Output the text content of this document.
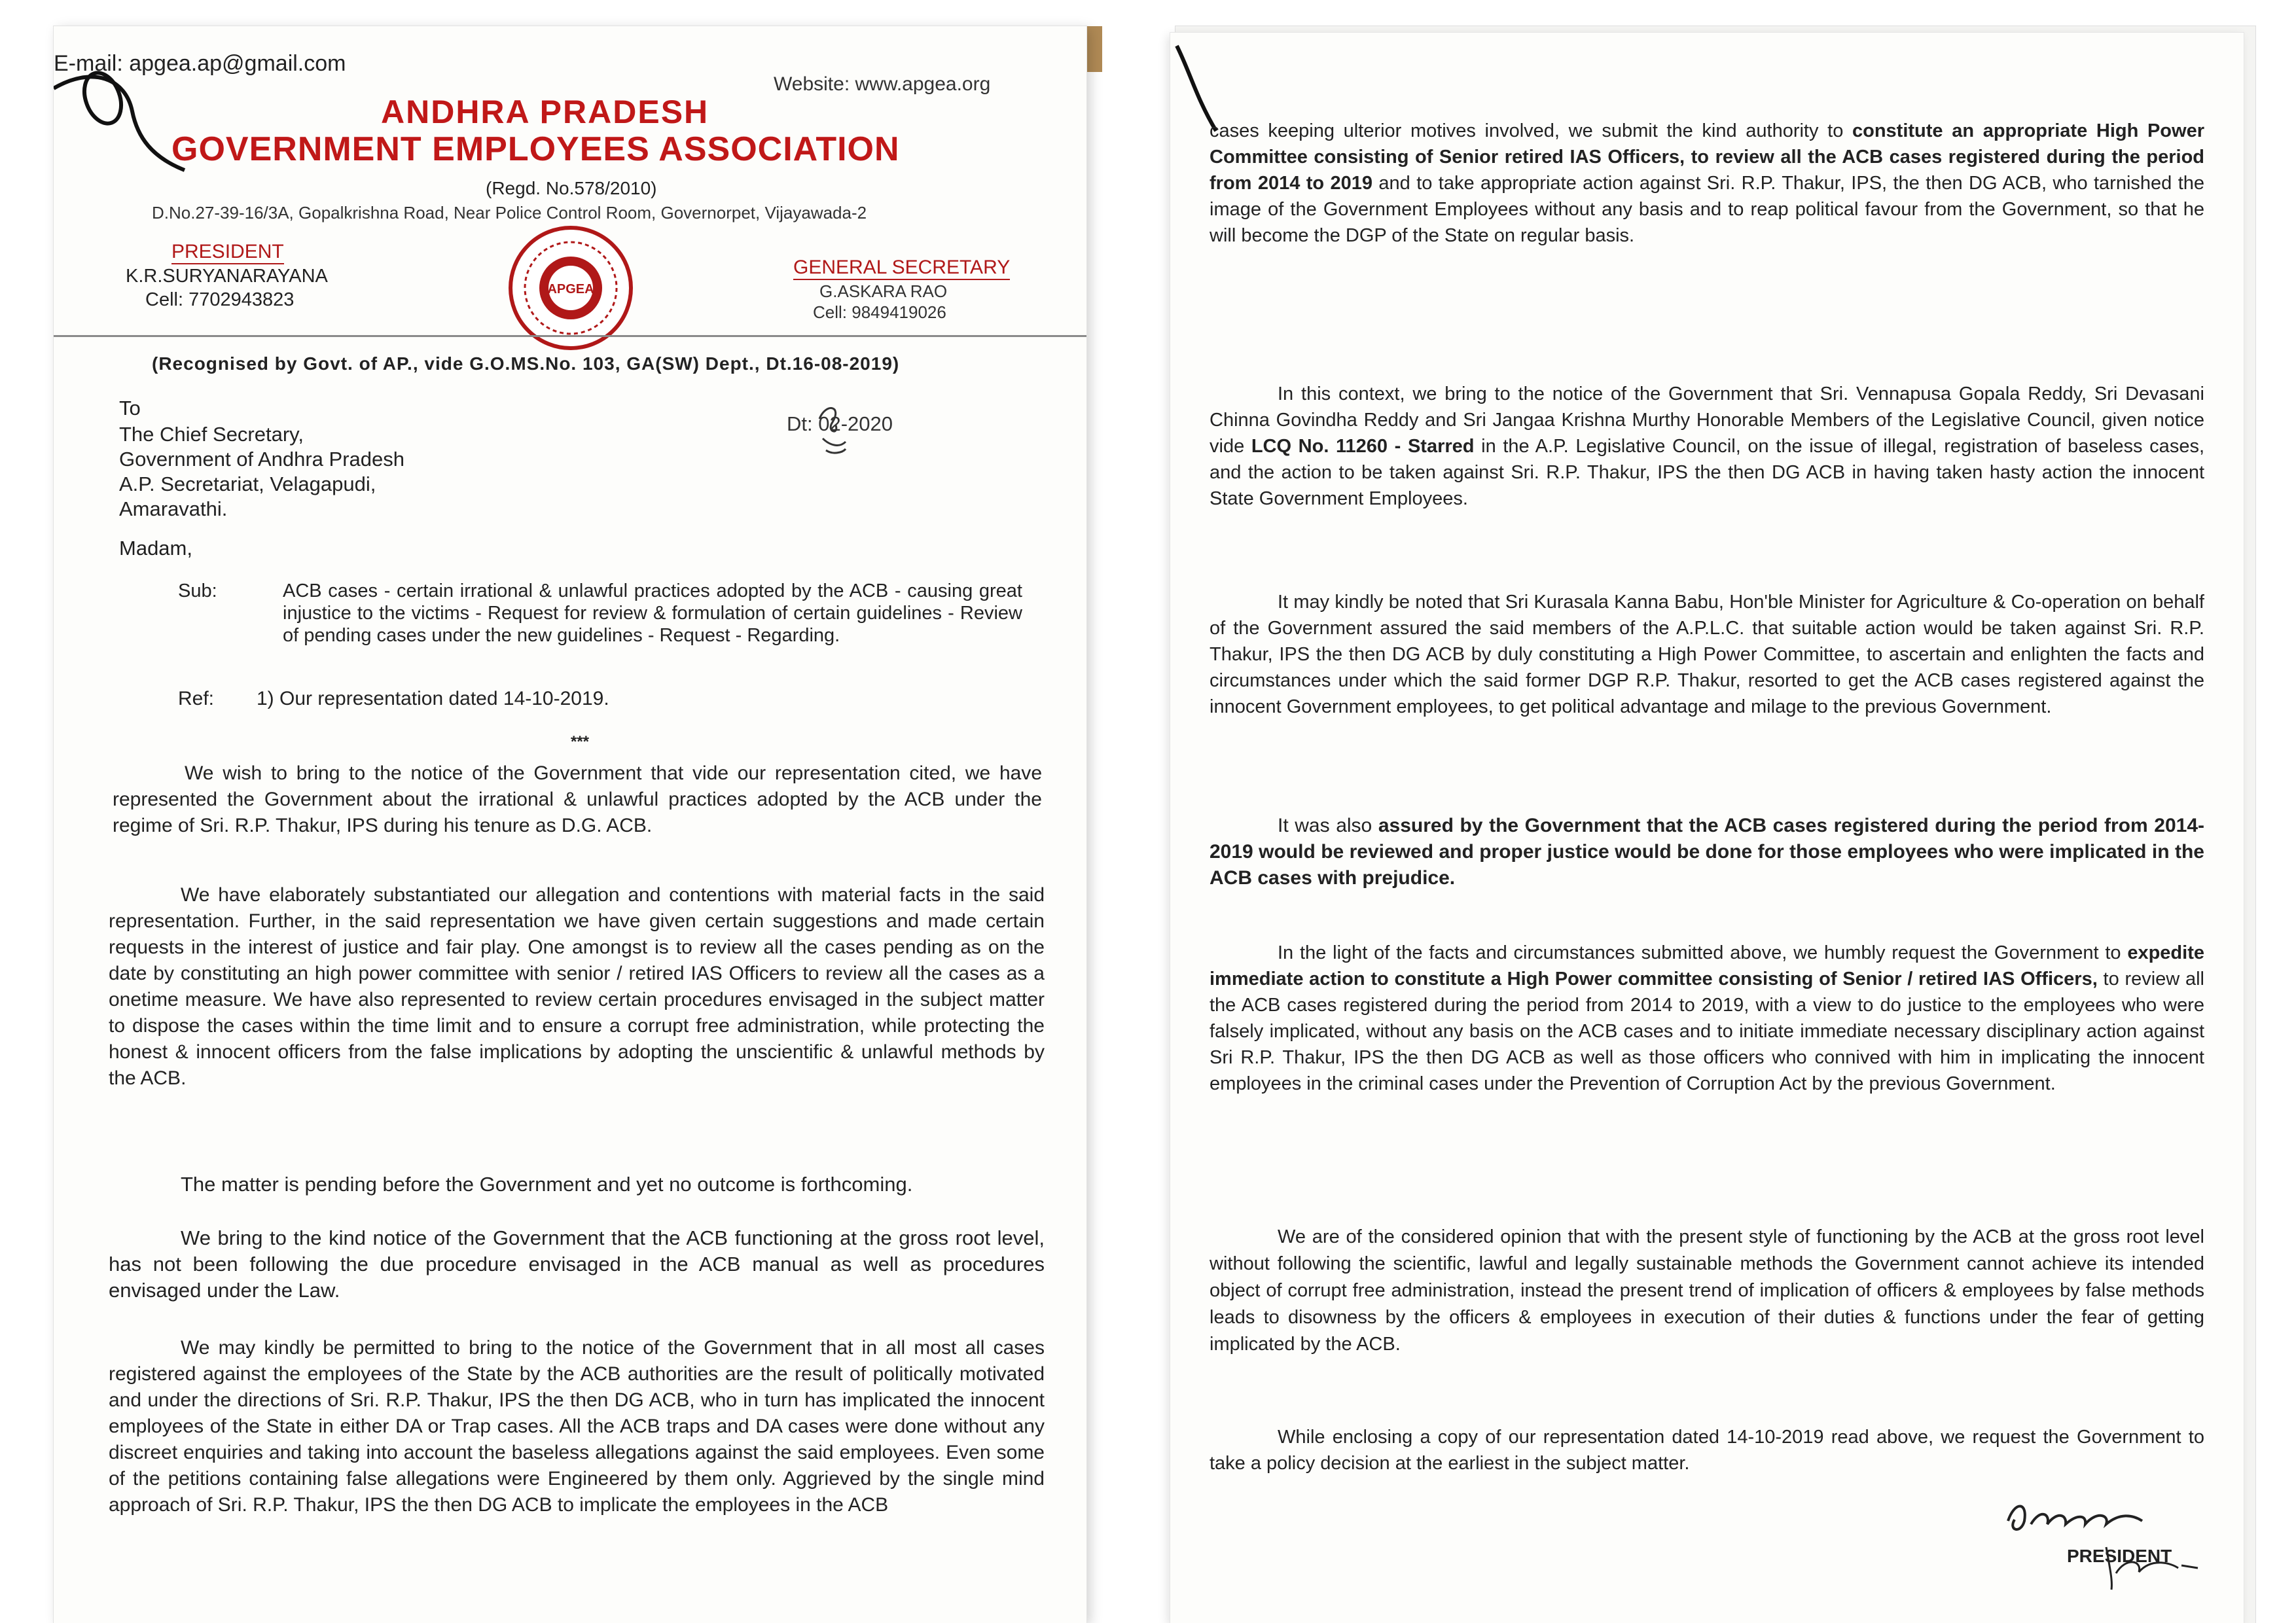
E-mail: apgea.ap@gmail.com
Website: www.apgea.org
ANDHRA PRADESH
GOVERNMENT EMPLOYEES ASSOCIATION
(Regd. No.578/2010)
D.No.27-39-16/3A, Gopalkrishna Road, Near Police Control Room, Governorpet, Vijayawada-2
PRESIDENT
K.R.SURYANARAYANA
Cell: 7702943823	APGEA
GENERAL SECRETARY
G.ASKARA RAO
Cell: 9849419026
(Recognised by Govt. of AP., vide G.O.MS.No. 103, GA(SW) Dept., Dt.16-08-2019)
To
The Chief Secretary,
Government of Andhra Pradesh
A.P. Secretariat, Velagapudi,
Amaravathi.
Dt: 02-2020
Madam,
Sub:	ACB cases - certain irrational & unlawful practices adopted by the ACB - causing great injustice to the victims - Request for review & formulation of certain guidelines - Review of pending cases under the new guidelines - Request - Regarding.
Ref: 1) Our representation dated 14-10-2019.
***
We wish to bring to the notice of the Government that vide our representation cited, we have represented the Government about the irrational & unlawful practices adopted by the ACB under the regime of Sri. R.P. Thakur, IPS during his tenure as D.G. ACB.
We have elaborately substantiated our allegation and contentions with material facts in the said representation. Further, in the said representation we have given certain suggestions and made certain requests in the interest of justice and fair play. One amongst is to review all the cases pending as on the date by constituting an high power committee with senior / retired IAS Officers to review all the cases as a onetime measure. We have also represented to review certain procedures envisaged in the subject matter to dispose the cases within the time limit and to ensure a corrupt free administration, while protecting the honest & innocent officers from the false implications by adopting the unscientific & unlawful methods by the ACB.
The matter is pending before the Government and yet no outcome is forthcoming.
We bring to the kind notice of the Government that the ACB functioning at the gross root level, has not been following the due procedure envisaged in the ACB manual as well as procedures envisaged under the Law.
We may kindly be permitted to bring to the notice of the Government that in all most all cases registered against the employees of the State by the ACB authorities are the result of politically motivated and under the directions of Sri. R.P. Thakur, IPS the then DG ACB, who in turn has implicated the innocent employees of the State in either DA or Trap cases. All the ACB traps and DA cases were done without any discreet enquiries and taking into account the baseless allegations against the said employees. Even some of the petitions containing false allegations were Engineered by them only. Aggrieved by the single mind approach of Sri. R.P. Thakur, IPS the then DG ACB to implicate the employees in the ACB
cases keeping ulterior motives involved, we submit the kind authority to constitute an appropriate High Power Committee consisting of Senior retired IAS Officers, to review all the ACB cases registered during the period from 2014 to 2019 and to take appropriate action against Sri. R.P. Thakur, IPS, the then DG ACB, who tarnished the image of the Government Employees without any basis and to reap political favour from the Government, so that he will become the DGP of the State on regular basis.
In this context, we bring to the notice of the Government that Sri. Vennapusa Gopala Reddy, Sri Devasani Chinna Govindha Reddy and Sri Jangaa Krishna Murthy Honorable Members of the Legislative Council, given notice vide LCQ No. 11260 - Starred in the A.P. Legislative Council, on the issue of illegal, registration of baseless cases, and the action to be taken against Sri. R.P. Thakur, IPS the then DG ACB in having taken hasty action the innocent State Government Employees.
It may kindly be noted that Sri Kurasala Kanna Babu, Hon'ble Minister for Agriculture & Co-operation on behalf of the Government assured the said members of the A.P.L.C. that suitable action would be taken against Sri. R.P. Thakur, IPS the then DG ACB by duly constituting a High Power Committee, to ascertain and enlighten the facts and circumstances under which the said former DGP R.P. Thakur, resorted to get the ACB cases registered against the innocent Government employees, to get political advantage and milage to the previous Government.
It was also assured by the Government that the ACB cases registered during the period from 2014-2019 would be reviewed and proper justice would be done for those employees who were implicated in the ACB cases with prejudice.
In the light of the facts and circumstances submitted above, we humbly request the Government to expedite immediate action to constitute a High Power committee consisting of Senior / retired IAS Officers, to review all the ACB cases registered during the period from 2014 to 2019, with a view to do justice to the employees who were falsely implicated, without any basis on the ACB cases and to initiate immediate necessary disciplinary action against Sri R.P. Thakur, IPS the then DG ACB as well as those officers who connived with him in implicating the innocent employees in the criminal cases under the Prevention of Corruption Act by the previous Government.
We are of the considered opinion that with the present style of functioning by the ACB at the gross root level without following the scientific, lawful and legally sustainable methods the Government cannot achieve its intended object of corrupt free administration, instead the present trend of implication of officers & employees by false methods leads to disowness by the officers & employees in execution of their duties & functions under the fear of getting implicated by the ACB.
While enclosing a copy of our representation dated 14-10-2019 read above, we request the Government to take a policy decision at the earliest in the subject matter.
PRESIDENT
